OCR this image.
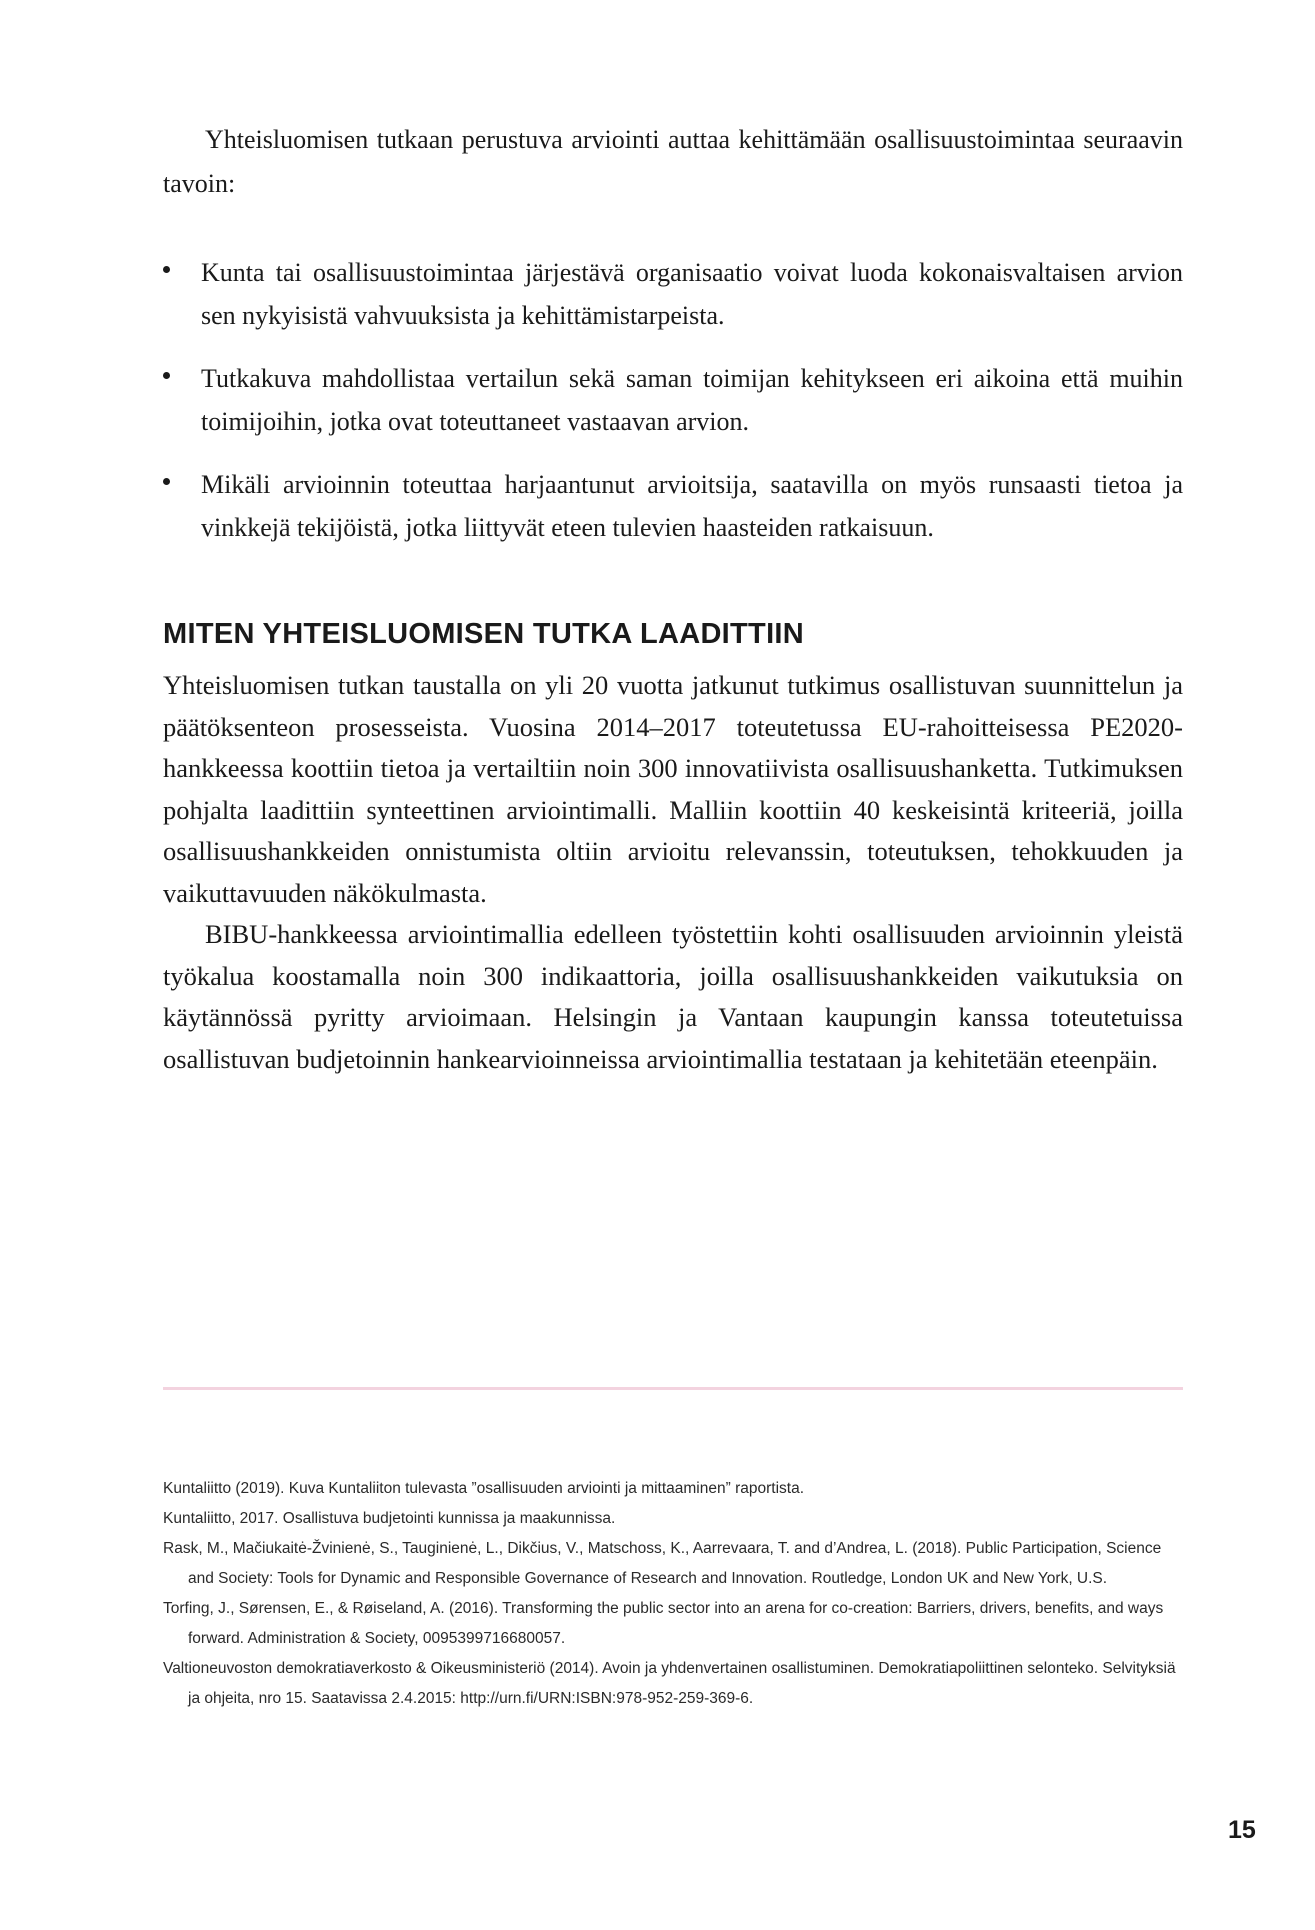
Yhteisluomisen tutkaan perustuva arviointi auttaa kehittämään osallisuustoimintaa seuraavin tavoin:

Kunta tai osallisuustoimintaa järjestävä organisaatio voivat luoda kokonaisvaltaisen arvion sen nykyisistä vahvuuksista ja kehittämistarpeista.
Tutkakuva mahdollistaa vertailun sekä saman toimijan kehitykseen eri aikoina että muihin toimijoihin, jotka ovat toteuttaneet vastaavan arvion.
Mikäli arvioinnin toteuttaa harjaantunut arvioitsija, saatavilla on myös runsaasti tietoa ja vinkkejä tekijöistä, jotka liittyvät eteen tulevien haasteiden ratkaisuun.
MITEN YHTEISLUOMISEN TUTKA LAADITTIIN

Yhteisluomisen tutkan taustalla on yli 20 vuotta jatkunut tutkimus osallistuvan suunnittelun ja päätöksenteon prosesseista. Vuosina 2014–2017 toteutetussa EU-rahoitteisessa PE2020-hankkeessa koottiin tietoa ja vertailtiin noin 300 innovatiivista osallisuushanketta. Tutkimuksen pohjalta laadittiin synteettinen arviointimalli. Malliin koottiin 40 keskeisintä kriteeriä, joilla osallisuushankkeiden onnistumista oltiin arvioitu relevanssin, toteutuksen, tehokkuuden ja vaikuttavuuden näkökulmasta.

BIBU-hankkeessa arviointimallia edelleen työstettiin kohti osallisuuden arvioinnin yleistä työkalua koostamalla noin 300 indikaattoria, joilla osallisuushankkeiden vaikutuksia on käytännössä pyritty arvioimaan. Helsingin ja Vantaan kaupungin kanssa toteutetuissa osallistuvan budjetoinnin hankearvioinneissa arviointimallia testataan ja kehitetään eteenpäin.

Kuntaliitto (2019). Kuva Kuntaliiton tulevasta ”osallisuuden arviointi ja mittaaminen” raportista.
Kuntaliitto, 2017. Osallistuva budjetointi kunnissa ja maakunnissa.
Rask, M., Mačiukaitė-Žvinienė, S., Tauginienė, L., Dikčius, V., Matschoss, K., Aarrevaara, T. and d’Andrea, L. (2018). Public Participation, Science and Society: Tools for Dynamic and Responsible Governance of Research and Innovation. Routledge, London UK and New York, U.S.
Torfing, J., Sørensen, E., & Røiseland, A. (2016). Transforming the public sector into an arena for co-creation: Barriers, drivers, benefits, and ways forward. Administration & Society, 0095399716680057.
Valtioneuvoston demokratiaverkosto & Oikeusministeriö (2014). Avoin ja yhdenvertainen osallistuminen. Demokratiapoliittinen selonteko. Selvityksiä ja ohjeita, nro 15. Saatavissa 2.4.2015: http://urn.fi/URN:ISBN:978-952-259-369-6.
15
